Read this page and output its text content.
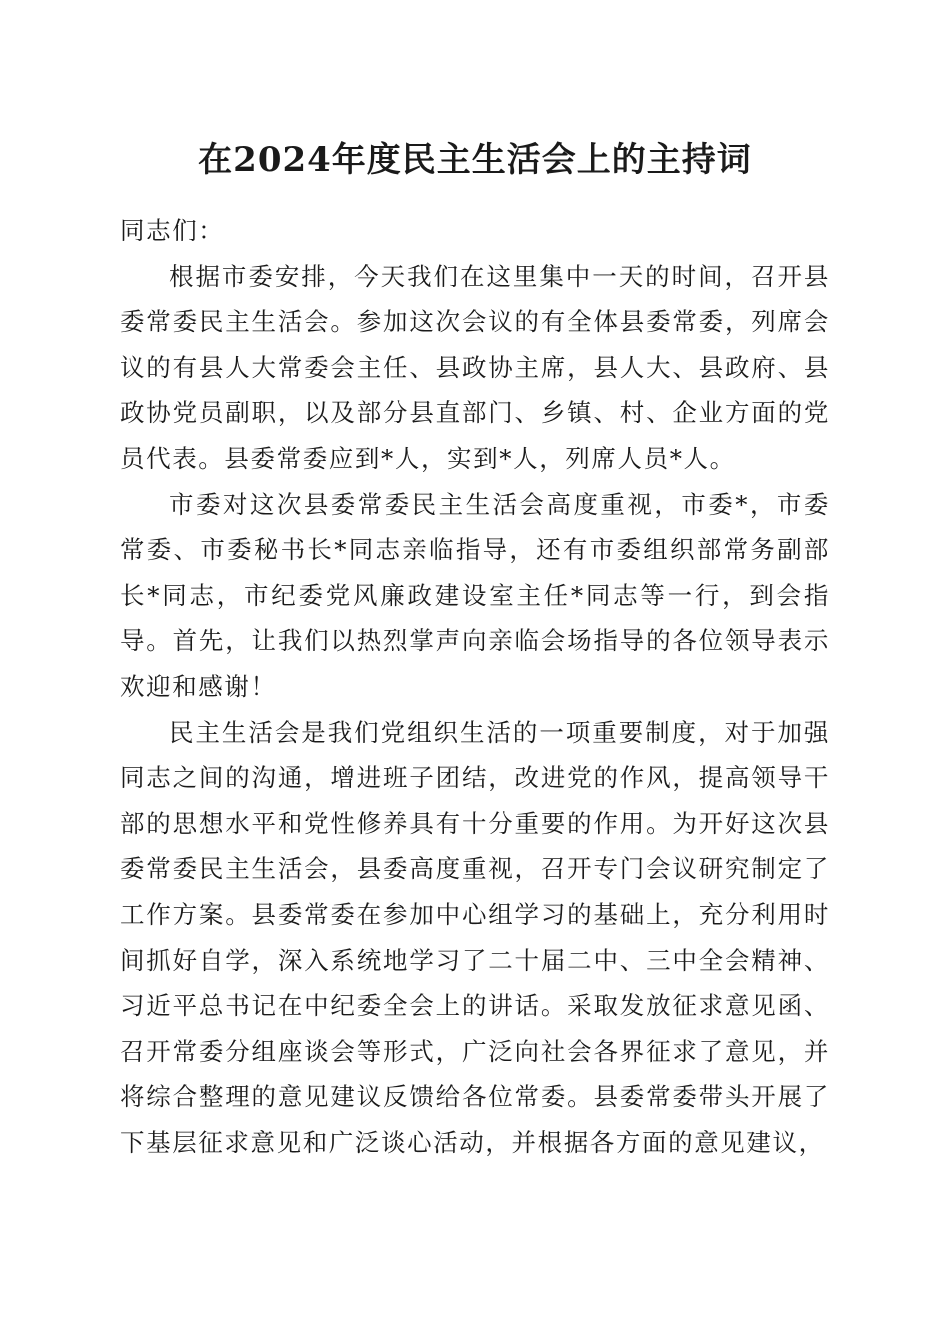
在2024年度民主生活会上的主持词

同志们：

根据市委安排，今天我们在这里集中一天的时间，召开县委常委民主生活会。参加这次会议的有全体县委常委，列席会议的有县人大常委会主任、县政协主席，县人大、县政府、县政协党员副职，以及部分县直部门、乡镇、村、企业方面的党员代表。县委常委应到*人，实到*人，列席人员*人。

市委对这次县委常委民主生活会高度重视，市委*，市委常委、市委秘书长*同志亲临指导，还有市委组织部常务副部长*同志，市纪委党风廉政建设室主任*同志等一行，到会指导。首先，让我们以热烈掌声向亲临会场指导的各位领导表示欢迎和感谢！

民主生活会是我们党组织生活的一项重要制度，对于加强同志之间的沟通，增进班子团结，改进党的作风，提高领导干部的思想水平和党性修养具有十分重要的作用。为开好这次县委常委民主生活会，县委高度重视，召开专门会议研究制定了工作方案。县委常委在参加中心组学习的基础上，充分利用时间抓好自学，深入系统地学习了二十届二中、三中全会精神、习近平总书记在中纪委全会上的讲话。采取发放征求意见函、召开常委分组座谈会等形式，广泛向社会各界征求了意见，并将综合整理的意见建议反馈给各位常委。县委常委带头开展了下基层征求意见和广泛谈心活动，并根据各方面的意见建议，
